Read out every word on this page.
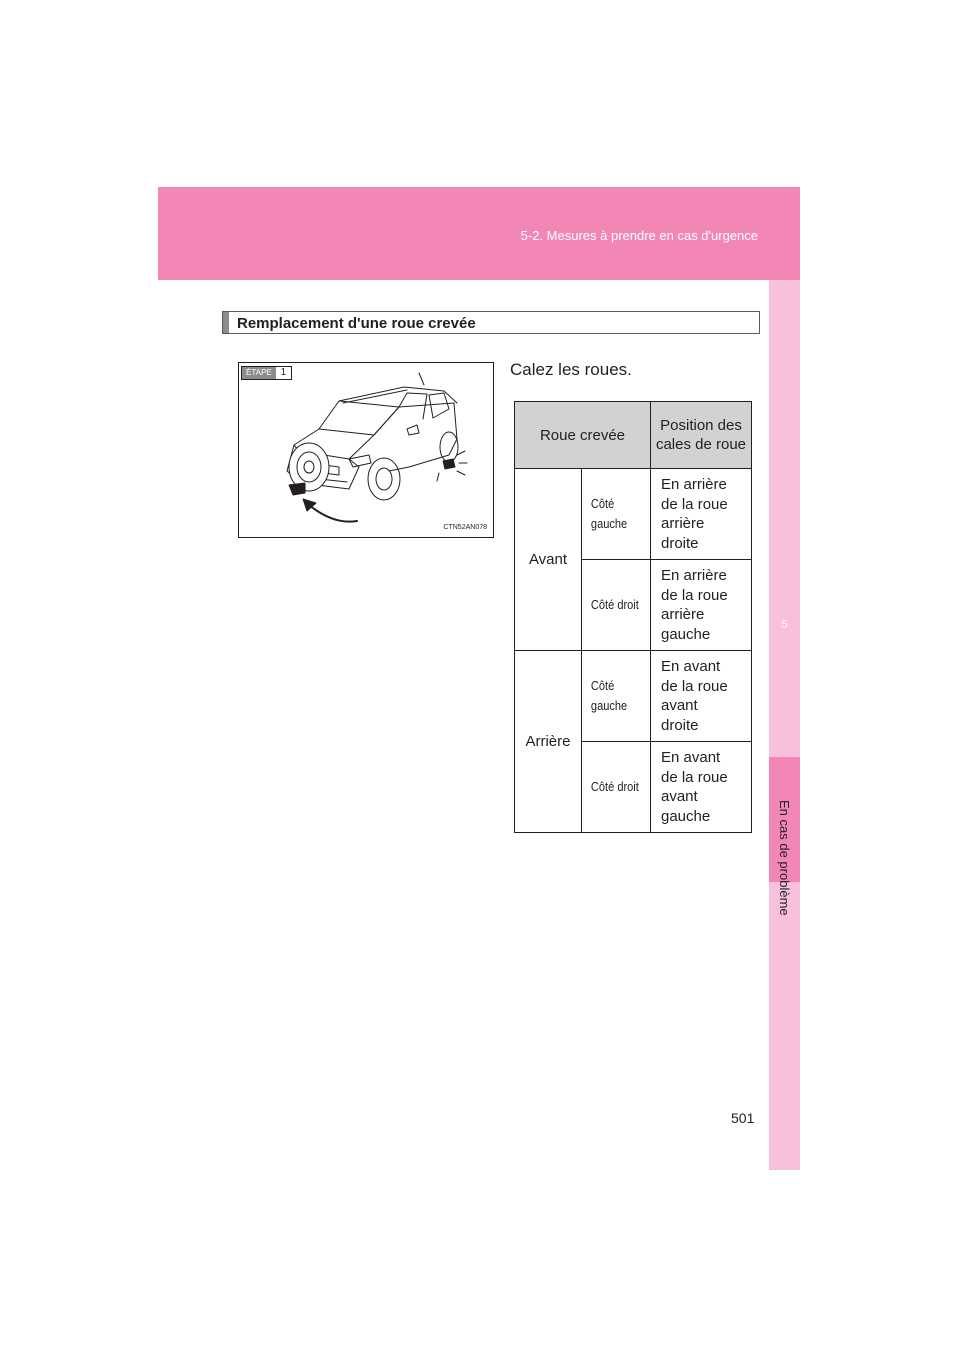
5-2. Mesures à prendre en cas d'urgence
5
En cas de problème
Remplacement d'une roue crevée
ÉTAPE 1
CTN52AN078
Calez les roues.
Roue crevée		Position des cales de roue
Avant	Côté gauche	En arrière
de la roue
arrière
droite

	Côté droit	En arrière
de la roue
arrière
gauche

Arrière	Côté gauche	En avant
de la roue
avant
droite

	Côté droit	En avant
de la roue
avant
gauche
501
